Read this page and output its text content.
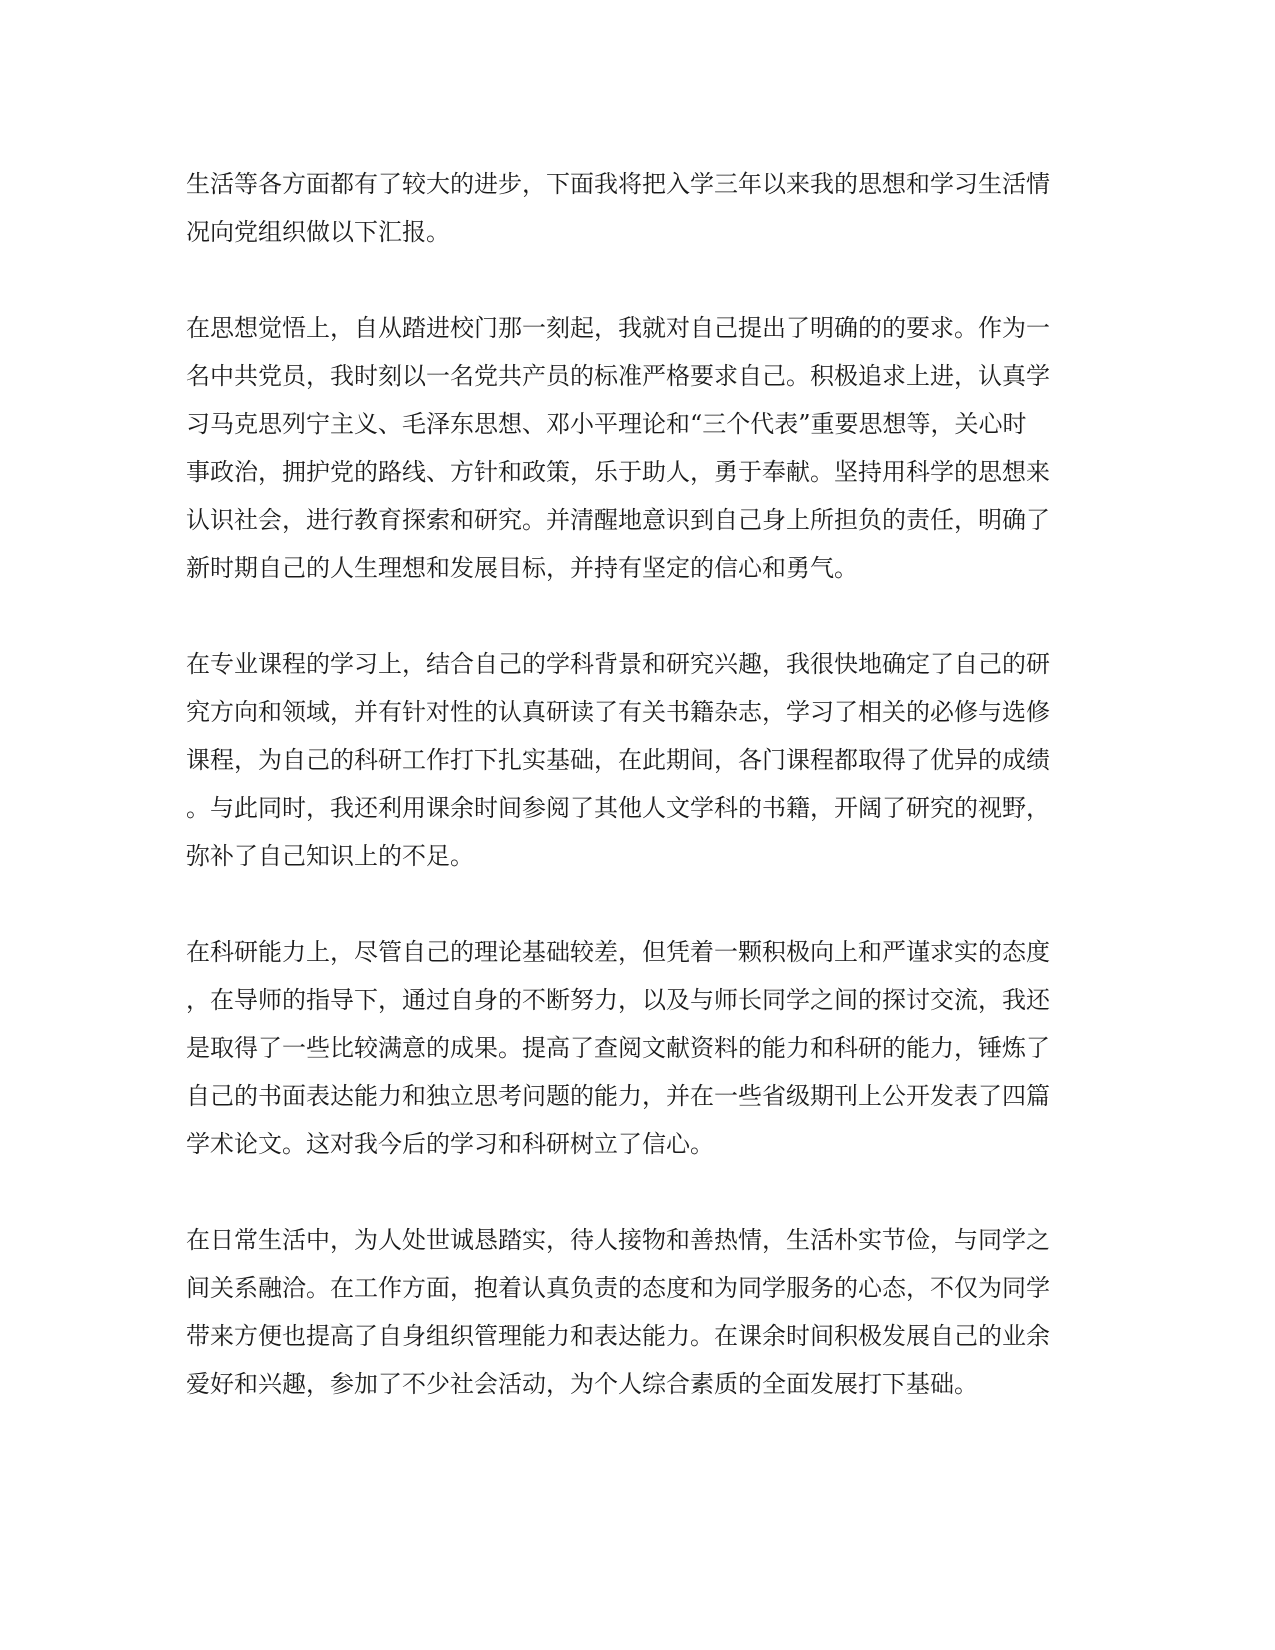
生活等各方面都有了较大的进步，下面我将把入学三年以来我的思想和学习生活情
况向党组织做以下汇报。
在思想觉悟上，自从踏进校门那一刻起，我就对自己提出了明确的的要求。作为一
名中共党员，我时刻以一名党共产员的标准严格要求自己。积极追求上进，认真学
习马克思列宁主义、毛泽东思想、邓小平理论和“三个代表”重要思想等，关心时
事政治，拥护党的路线、方针和政策，乐于助人，勇于奉献。坚持用科学的思想来
认识社会，进行教育探索和研究。并清醒地意识到自己身上所担负的责任，明确了
新时期自己的人生理想和发展目标，并持有坚定的信心和勇气。
在专业课程的学习上，结合自己的学科背景和研究兴趣，我很快地确定了自己的研
究方向和领域，并有针对性的认真研读了有关书籍杂志，学习了相关的必修与选修
课程，为自己的科研工作打下扎实基础，在此期间，各门课程都取得了优异的成绩
。与此同时，我还利用课余时间参阅了其他人文学科的书籍，开阔了研究的视野，
弥补了自己知识上的不足。
在科研能力上，尽管自己的理论基础较差，但凭着一颗积极向上和严谨求实的态度
，在导师的指导下，通过自身的不断努力，以及与师长同学之间的探讨交流，我还
是取得了一些比较满意的成果。提高了查阅文献资料的能力和科研的能力，锤炼了
自己的书面表达能力和独立思考问题的能力，并在一些省级期刊上公开发表了四篇
学术论文。这对我今后的学习和科研树立了信心。
在日常生活中，为人处世诚恳踏实，待人接物和善热情，生活朴实节俭，与同学之
间关系融洽。在工作方面，抱着认真负责的态度和为同学服务的心态，不仅为同学
带来方便也提高了自身组织管理能力和表达能力。在课余时间积极发展自己的业余
爱好和兴趣，参加了不少社会活动，为个人综合素质的全面发展打下基础。
